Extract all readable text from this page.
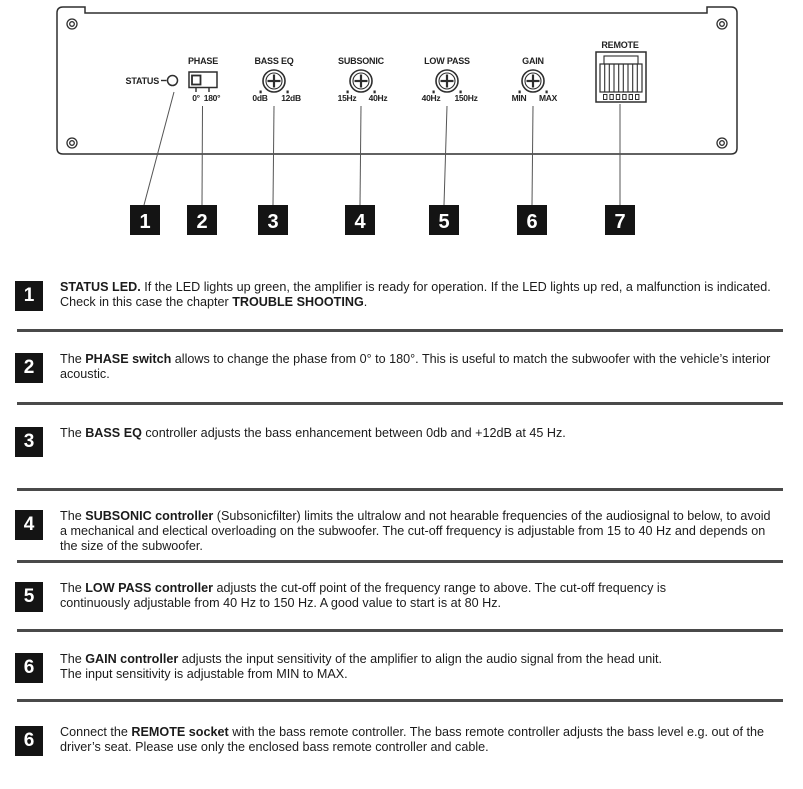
STATUS
PHASE
0° 180°
BASS EQ
0dB 12dB
SUBSONIC
15Hz 40Hz
LOW PASS
40Hz 150Hz
GAIN
MIN MAX
REMOTE
1 2	3	4	5	6	7
1	STATUS LED. If the LED lights up green, the amplifier is ready for operation. If the LED lights up red, a malfunction is indicated.
Check in this case the chapter TROUBLE SHOOTING.
2	The PHASE switch allows to change the phase from 0° to 180°. This is useful to match the subwoofer with the vehicle’s interior
acoustic.
3	The BASS EQ controller adjusts the bass enhancement between 0db and +12dB at 45 Hz.
4	The SUBSONIC controller (Subsonicfilter) limits the ultralow and not hearable frequencies of the audiosignal to below, to avoid
a mechanical and electical overloading on the subwoofer. The cut-off frequency is adjustable from 15 to 40 Hz and depends on
the size of the subwoofer.
5	The LOW PASS controller adjusts the cut-off point of the frequency range to above. The cut-off frequency is
continuously adjustable from 40 Hz to 150 Hz. A good value to start is at 80 Hz.
6	The GAIN controller adjusts the input sensitivity of the amplifier to align the audio signal from the head unit.
The input sensitivity is adjustable from MIN to MAX.
6	Connect the REMOTE socket with the bass remote controller. The bass remote controller adjusts the bass level e.g. out of the
driver’s seat. Please use only the enclosed bass remote controller and cable.
